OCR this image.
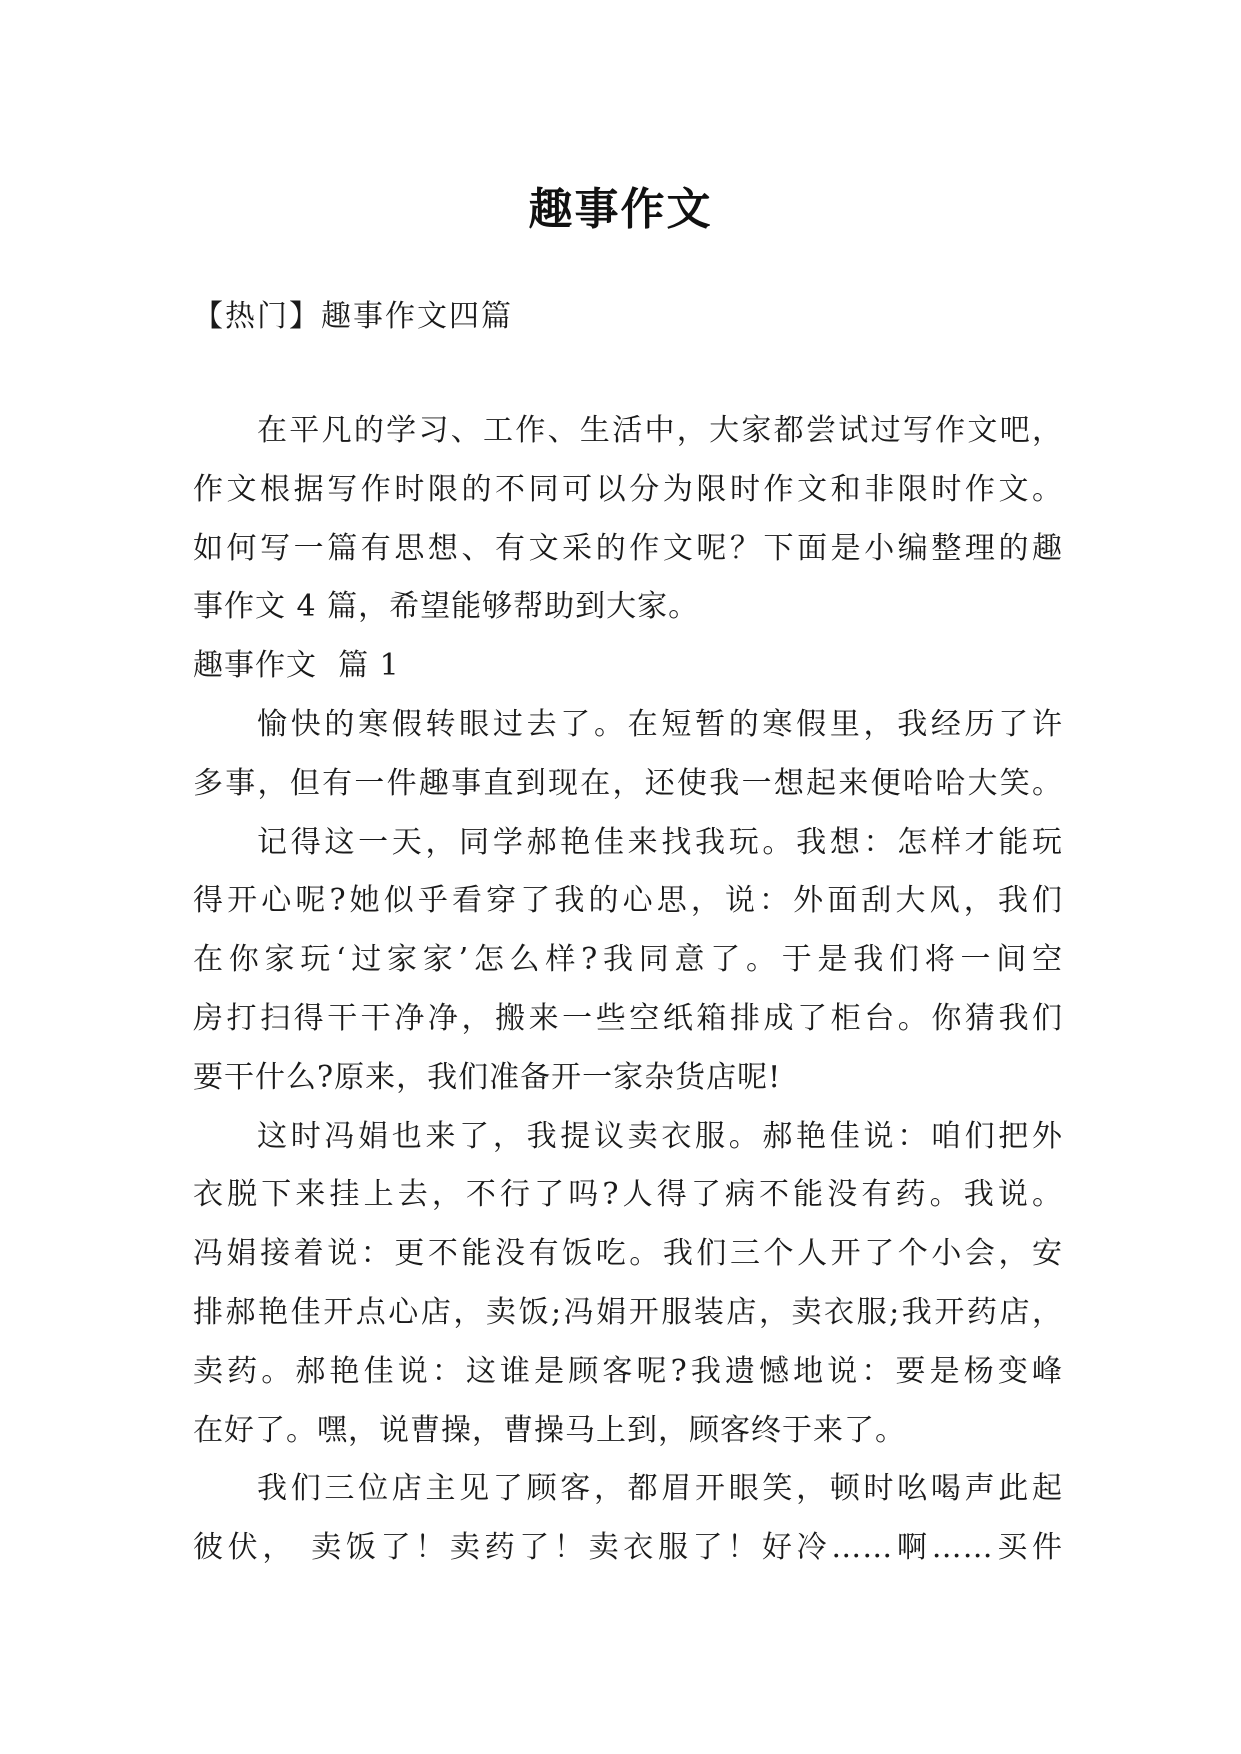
趣事作文
【热门】趣事作文四篇
在平凡的学习、工作、生活中，大家都尝试过写作文吧，
作文根据写作时限的不同可以分为限时作文和非限时作文。
如何写一篇有思想、有文采的作文呢？下面是小编整理的趣
事作文 4 篇，希望能够帮助到大家。
趣事作文  篇 1
愉快的寒假转眼过去了。在短暂的寒假里，我经历了许
多事，但有一件趣事直到现在，还使我一想起来便哈哈大笑。
记得这一天，同学郝艳佳来找我玩。我想：怎样才能玩
得开心呢?她似乎看穿了我的心思，说：外面刮大风，我们
在你家玩‘过家家’怎么样?我同意了。于是我们将一间空
房打扫得干干净净，搬来一些空纸箱排成了柜台。你猜我们
要干什么?原来，我们准备开一家杂货店呢!
这时冯娟也来了，我提议卖衣服。郝艳佳说：咱们把外
衣脱下来挂上去，不行了吗?人得了病不能没有药。我说。
冯娟接着说：更不能没有饭吃。我们三个人开了个小会，安
排郝艳佳开点心店，卖饭;冯娟开服装店，卖衣服;我开药店，
卖药。郝艳佳说：这谁是顾客呢?我遗憾地说：要是杨变峰
在好了。嘿，说曹操，曹操马上到，顾客终于来了。
我们三位店主见了顾客，都眉开眼笑，顿时吆喝声此起
彼伏， 卖饭了！卖药了！卖衣服了！好冷……啊……买件
